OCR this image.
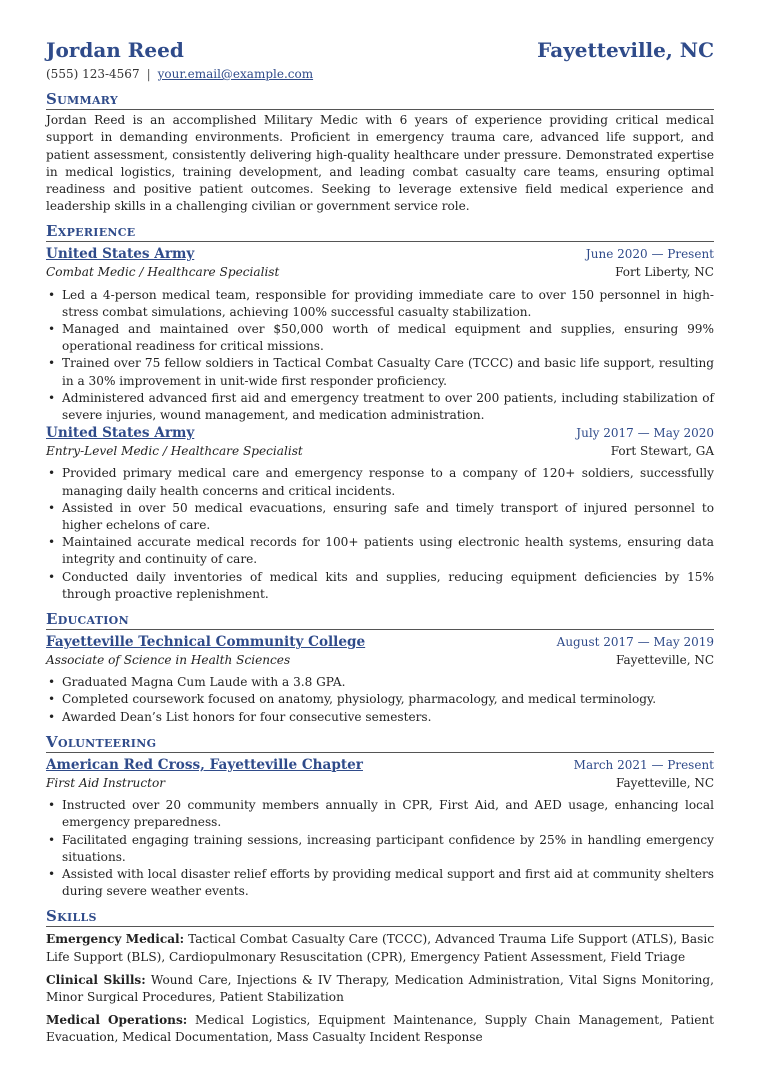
Jordan Reed	Fayetteville, NC
(555) 123-4567 | your.email@example.com
Summary

Jordan Reed is an accomplished Military Medic with 6 years of experience providing critical medical support in demanding environments. Proficient in emergency trauma care, advanced life support, and patient assessment, consistently delivering high-quality healthcare under pressure. Demonstrated expertise in medical logistics, training development, and leading combat casualty care teams, ensuring optimal readiness and positive patient outcomes. Seeking to leverage extensive field medical experience and leadership skills in a challenging civilian or government service role.

Experience
United States Army	June 2020 — Present
Combat Medic / Healthcare Specialist	Fort Liberty, NC
• Led a 4-person medical team, responsible for providing immediate care to over 150 personnel in high-stress combat simulations, achieving 100% successful casualty stabilization.
• Managed and maintained over $50,000 worth of medical equipment and supplies, ensuring 99% operational readiness for critical missions.
• Trained over 75 fellow soldiers in Tactical Combat Casualty Care (TCCC) and basic life support, resulting in a 30% improvement in unit-wide first responder proficiency.
• Administered advanced first aid and emergency treatment to over 200 patients, including stabilization of severe injuries, wound management, and medication administration.
United States Army	July 2017 — May 2020
Entry-Level Medic / Healthcare Specialist	Fort Stewart, GA
• Provided primary medical care and emergency response to a company of 120+ soldiers, successfully managing daily health concerns and critical incidents.
• Assisted in over 50 medical evacuations, ensuring safe and timely transport of injured personnel to higher echelons of care.
• Maintained accurate medical records for 100+ patients using electronic health systems, ensuring data integrity and continuity of care.
• Conducted daily inventories of medical kits and supplies, reducing equipment deficiencies by 15% through proactive replenishment.
Education
Fayetteville Technical Community College	August 2017 — May 2019
Associate of Science in Health Sciences	Fayetteville, NC
• Graduated Magna Cum Laude with a 3.8 GPA.
• Completed coursework focused on anatomy, physiology, pharmacology, and medical terminology.
• Awarded Dean’s List honors for four consecutive semesters.
Volunteering
American Red Cross, Fayetteville Chapter	March 2021 — Present
First Aid Instructor	Fayetteville, NC
• Instructed over 20 community members annually in CPR, First Aid, and AED usage, enhancing local emergency preparedness.
• Facilitated engaging training sessions, increasing participant confidence by 25% in handling emergency situations.
• Assisted with local disaster relief efforts by providing medical support and first aid at community shelters during severe weather events.
Skills
Emergency Medical: Tactical Combat Casualty Care (TCCC), Advanced Trauma Life Support (ATLS), Basic Life Support (BLS), Cardiopulmonary Resuscitation (CPR), Emergency Patient Assessment, Field Triage
Clinical Skills: Wound Care, Injections & IV Therapy, Medication Administration, Vital Signs Monitoring, Minor Surgical Procedures, Patient Stabilization
Medical Operations: Medical Logistics, Equipment Maintenance, Supply Chain Management, Patient Evacuation, Medical Documentation, Mass Casualty Incident Response
